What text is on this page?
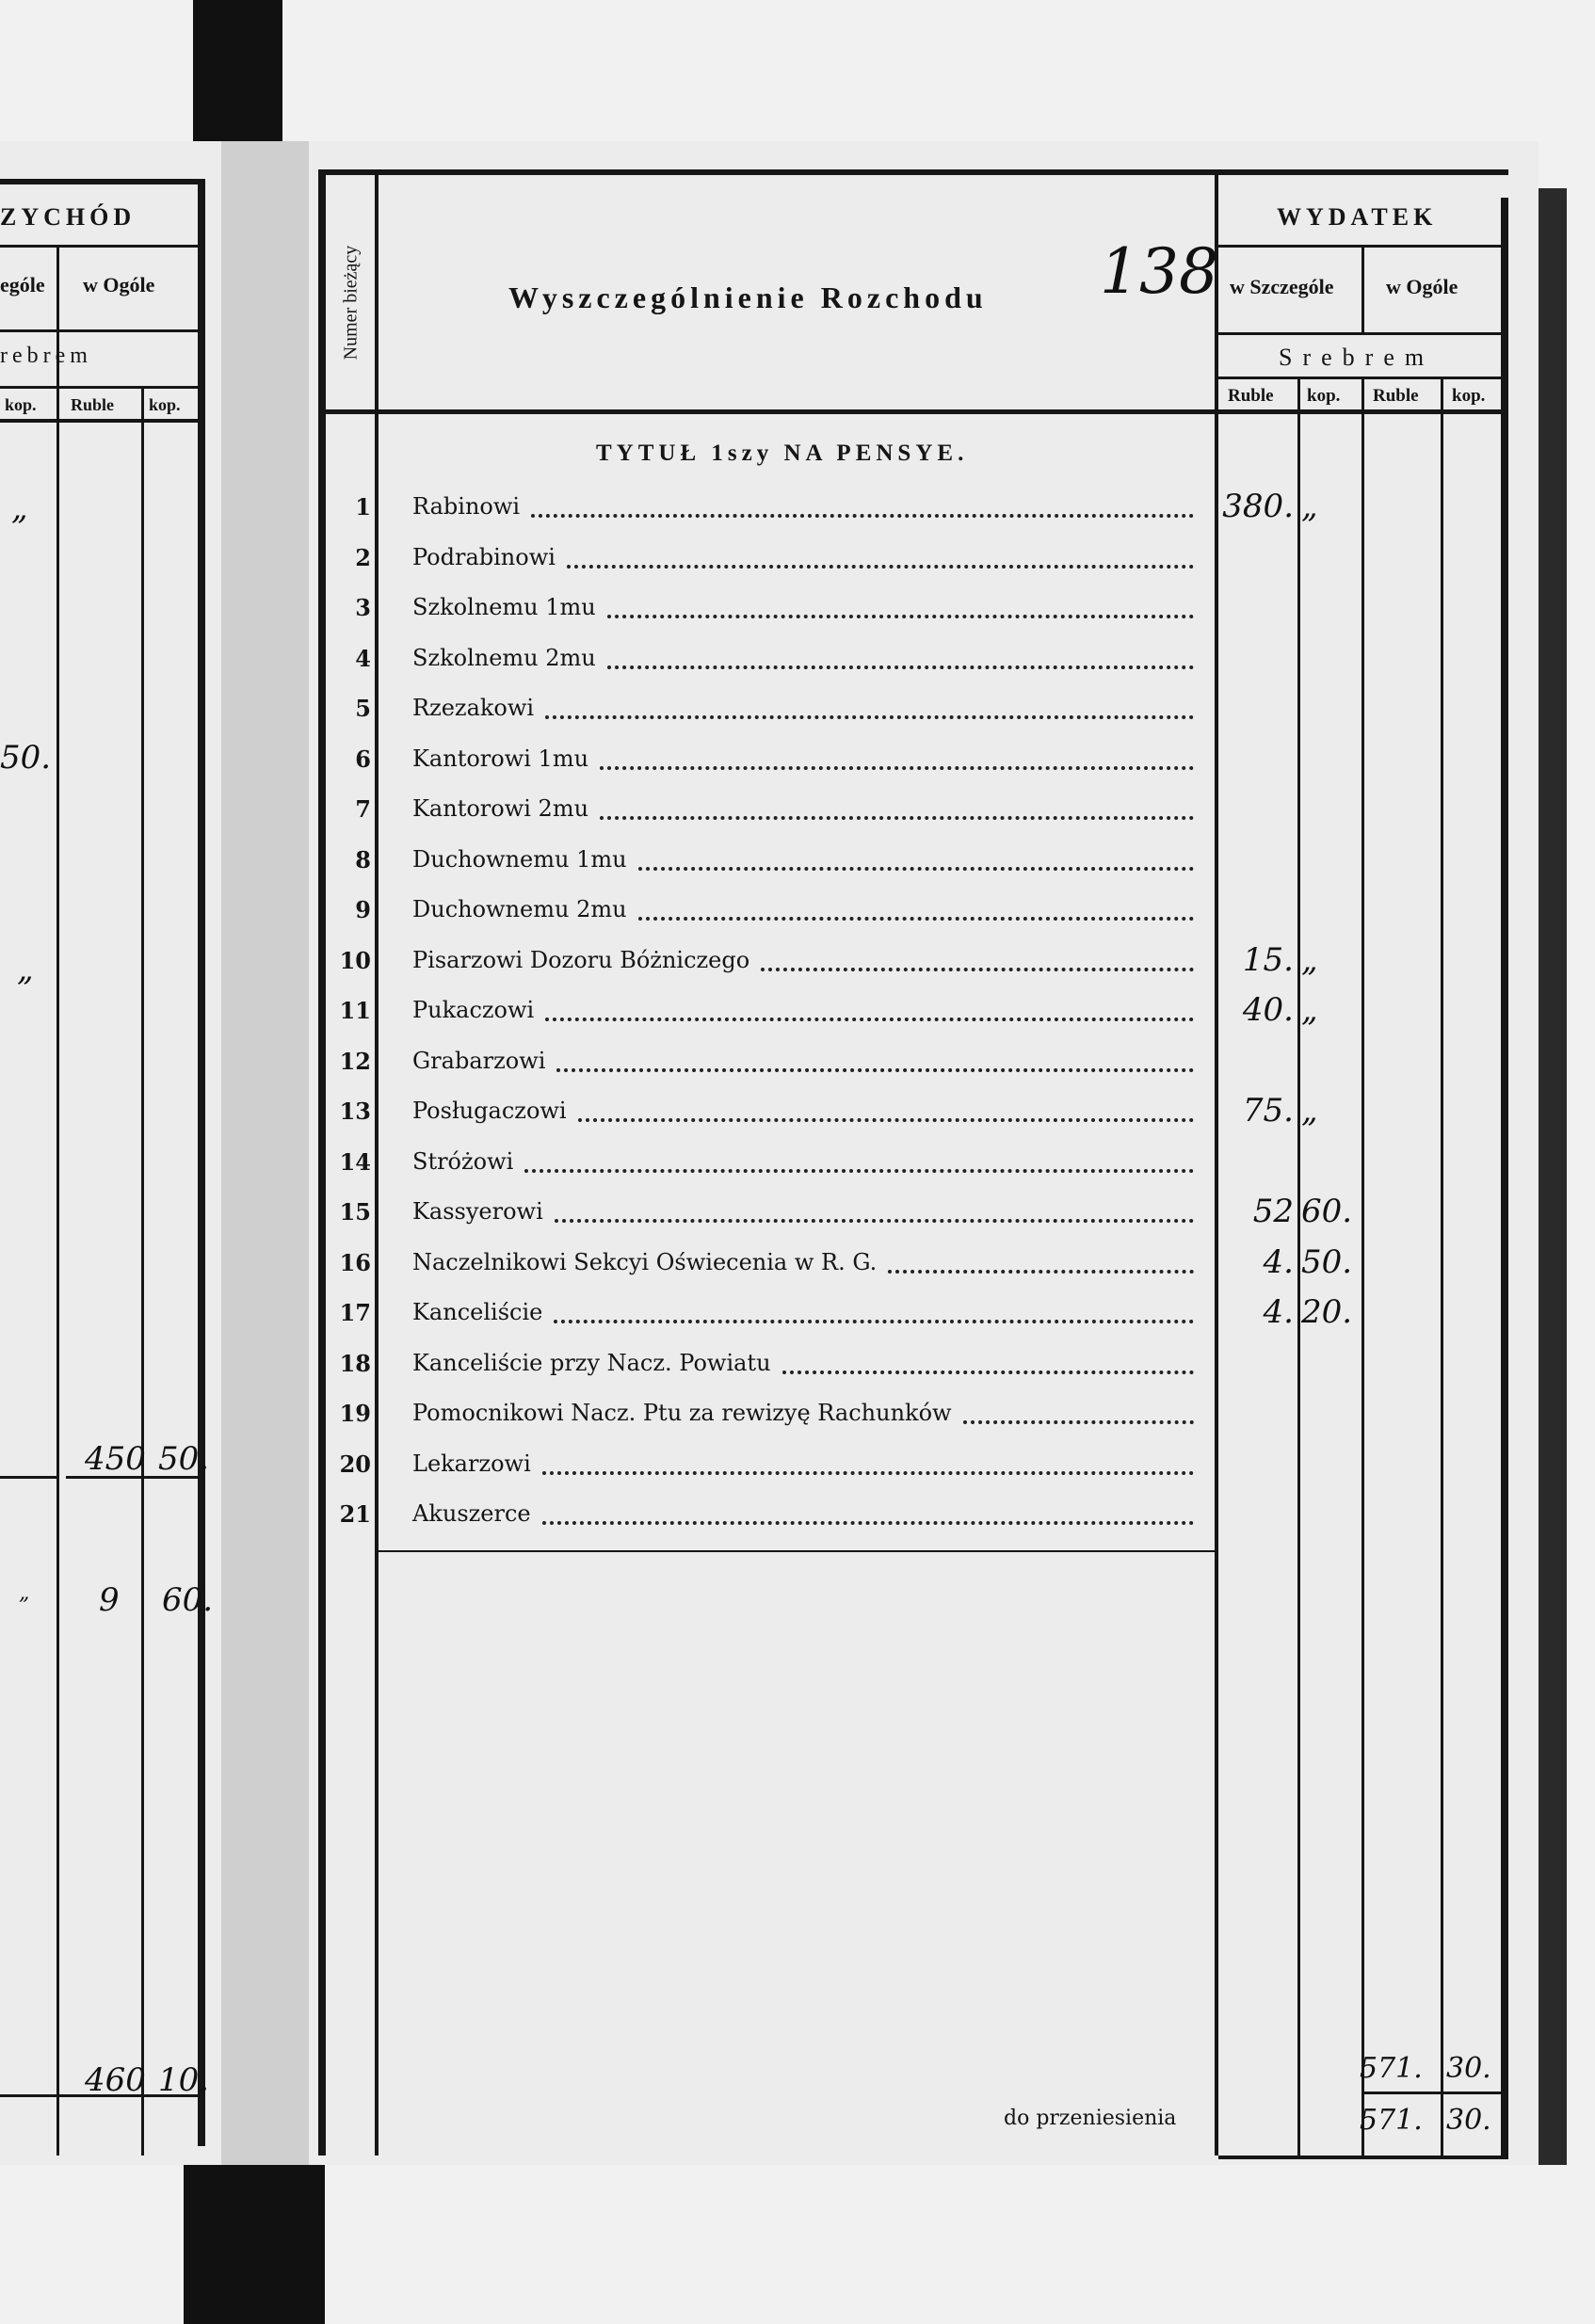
ZYCHÓD
ególe w Ogóle
rebrem
kop. Ruble kop.
„
50.
„
450 50.
„ 9 60.
460 10.
Numer bieżący	Wyszczególnienie Rozchodu 138
WYDATEK
w Szczególe	w Ogóle
Srebrem
Ruble kop. Ruble kop.
TYTUŁ 1szy NA PENSYE.
1 Rabinowi	380. „
2 Podrabinowi
3 Szkolnemu 1mu
4 Szkolnemu 2mu
5 Rzezakowi
6 Kantorowi 1mu
7 Kantorowi 2mu
8 Duchownemu 1mu
9 Duchownemu 2mu
10 Pisarzowi Dozoru Bóżniczego	15. „
11 Pukaczowi	40. „
12 Grabarzowi
13 Posługaczowi	75. „
14 Stróżowi
15 Kassyerowi	52 60.
16 Naczelnikowi Sekcyi Oświecenia w R. G.	4. 50.
17 Kanceliście	4. 20.
18 Kanceliście przy Nacz. Powiatu
19 Pomocnikowi Nacz. Ptu za rewizyę Rachunków
20 Lekarzowi
21 Akuszerce
571. 30.
do przeniesienia	571. 30.
